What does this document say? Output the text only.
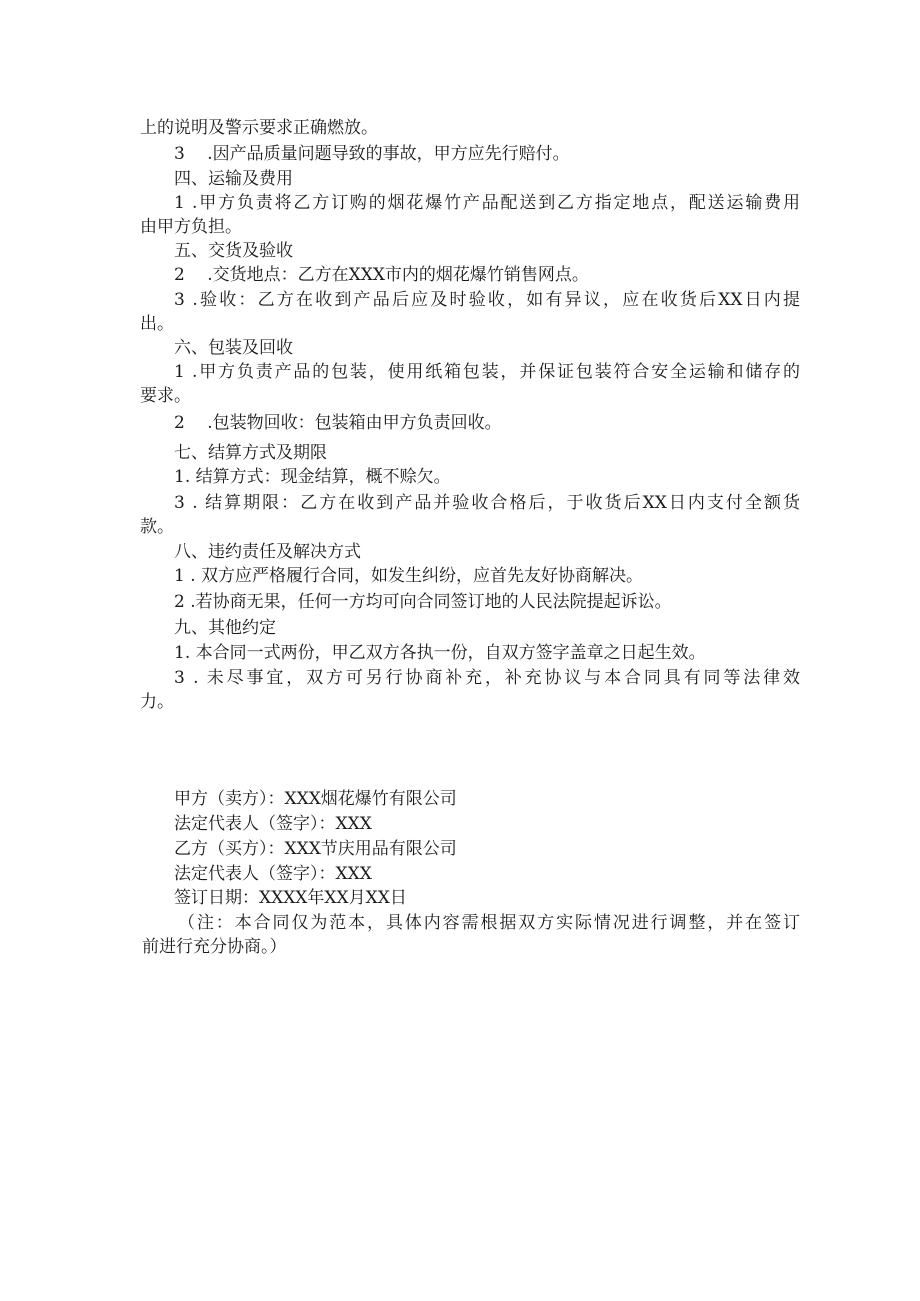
上的说明及警示要求正确燃放。
3　 .因产品质量问题导致的事故，甲方应先行赔付。
四、运输及费用
1 .甲方负责将乙方订购的烟花爆竹产品配送到乙方指定地点，配送运输费用
由甲方负担。
五、交货及验收
2　 .交货地点：乙方在XXX市内的烟花爆竹销售网点。
3 .验收：乙方在收到产品后应及时验收，如有异议，应在收货后XX日内提
出。
六、包装及回收
1 .甲方负责产品的包装，使用纸箱包装，并保证包装符合安全运输和储存的
要求。
2　 .包装物回收：包装箱由甲方负责回收。
七、结算方式及期限
1. 结算方式：现金结算，概不赊欠。
3 . 结算期限：乙方在收到产品并验收合格后，于收货后XX日内支付全额货
款。
八、违约责任及解决方式
1 . 双方应严格履行合同，如发生纠纷，应首先友好协商解决。
2 .若协商无果，任何一方均可向合同签订地的人民法院提起诉讼。
九、其他约定
1. 本合同一式两份，甲乙双方各执一份，自双方签字盖章之日起生效。
3 . 未尽事宜，双方可另行协商补充，补充协议与本合同具有同等法律效
力。
甲方（卖方）：XXX烟花爆竹有限公司
法定代表人（签字）：XXX
乙方（买方）：XXX节庆用品有限公司
法定代表人（签字）：XXX
签订日期：XXXX年XX月XX日
（注：本合同仅为范本，具体内容需根据双方实际情况进行调整，并在签订
前进行充分协商。）
